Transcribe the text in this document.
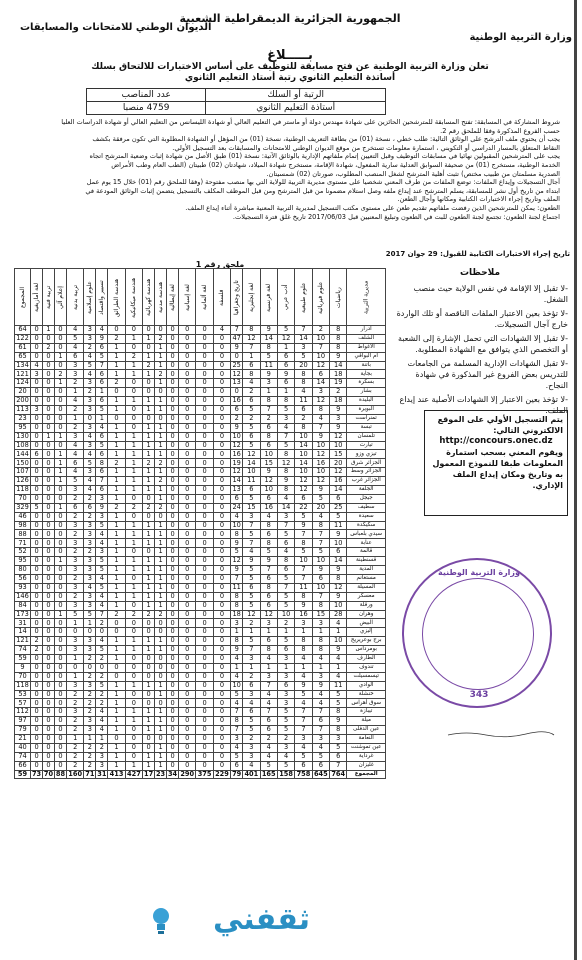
الجمهورية الجزائرية الديمقراطية الشعبية
وزارة التربية الوطنية
الديوان الوطني للامتحانات والمسابقات
بـــــلاغ
تعلن وزارة التربية الوطنية عن فتح مسابقة للتوظيف على أساس الاختبارات للالتحاق بسلك
أساتذة التعليم الثانوي رتبة أستاذ التعليم الثانوي
الرتبة أو السلك	عدد المناصب
أستاذة التعليم الثانوي	4759 منصبا

شروط المشاركة في المسابقة: تفتح المسابقة للمترشحين الحائزين على شهادة مهندس دولة أو ماستر في التعليم العالي أو شهادة الليسانس من التعليم العالي أو شهادة الدراسات العليا

حسب الفروع المذكورة وفقا للملحق رقم 2.

يجب أن يحتوي ملف الترشح على الوثائق التالية: طلب خطي ، نسخة (01) من بطاقة التعريف الوطنية، نسخة (01) من المؤهل أو الشهادة المطلوبة التي تكون مرفقة بكشف

النقاط المتعلق بالمسار الدراسي أو التكويني ، استمارة معلومات تستخرج من موقع الديوان الوطني للامتحانات والمسابقات بعد التسجيل الأولي.

يجب على المترشحين المقبولين نهائيا في مسابقات التوظيف وقبل التعيين إتمام ملفاتهم الإدارية بالوثائق الآتية: نسخة (01) طبق الأصل من شهادة إثبات وضعية المترشح اتجاه

الخدمة الوطنية، مستخرج (01) من صحيفة السوابق العدلية سارية المفعول، شهادة الإقامة، مستخرج شهادة الميلاد، شهادتان (02) طبيتان (الطب العام وطب الأمراض

الصدرية مسلمتان من طبيب مختص) تثبت أهلية المترشح لشغل المنصب المطلوب، صورتان (02) شمسيتان.

آجال التسجيلات وإيداع الملفات: توضع الملفات من طرف المعني شخصيا على مستوى مديرية التربية للولاية التي بها منصب مفتوحة (وفقا للملحق رقم (01) خلال 15 يوم عمل

ابتداء من تاريخ أول نشر للمسابقة، يسلم المترشح عند إيداع ملفه وصل استلام مضمونا من قبل المترشح ومن قبل الموظف المكلف بالتسجيل يتضمن إثبات الوثائق المودعة في

الملف وتاريخ إجراء الاختبارات الكتابية ومكانها وأجال الطعن.

الطعون: يمكن للمترشحين الذين رفضت ملفاتهم تقديم طعن على مستوى مكتب التسجيل لمديرية التربية المعنية مباشرة أثناء إيداع الملف.

اجتماع لجنة الطعون: تجتمع لجنة الطعون للبت في الطعون وتبليغ المعنيين قبل 2017/06/03 تاريخ غلق فترة التسجيلات.

تاريخ إجراء الاختبارات الكتابية للقبول: 29 جوان 2017
ملحق رقم 1
مديرية التربية	رياضيات	علوم فيزيائية	علوم طبيعية	أدب عربي	لغة فرنسية	لغة إنجليزية	تاريخ وجغرافيا	فلسفة	لغة ألمانية	لغة إسبانية	لغة إيطالية	هندسة مدنية	هندسة كهربائية	هندسة ميكانيكية	هندسة الطرائق	تسيير واقتصاد	علوم إسلامية	تربية بدنية	إعلام آلي	تربية فنية	لغة أمازيغية	المجموع
أدرار	8	2	7	5	9	8	7	4	0	0	0	0	0	0	0	4	3	4	0	1	0	64
الشلف	8	10	14	12	14	12	47	0	0	0	0	2	1	1	2	9	3	5	0	0	0	122
الأغواط	8	7	3	1	8	7	9	0	0	0	0	1	0	0	1	6	2	4	0	2	0	61
أم البواقي	9	10	5	6	5	1	0	0	0	0	0	1	1	2	1	5	4	6	1	0	0	65
باتنة	14	12	20	6	11	6	25	0	0	0	0	1	2	1	1	7	5	3	0	0	4	134
بجاية	18	6	8	9	9	8	12	0	0	0	0	2	1	1	1	6	4	3	2	0	3	121
بسكرة	19	14	8	6	3	4	13	0	0	0	0	1	0	0	2	6	3	2	1	0	0	124
بشار	2	3	4	1	1	2	0	0	0	0	0	0	0	0	0	1	2	1	0	0	0	20
البليدة	18	12	11	8	8	6	16	0	0	0	0	1	1	1	1	6	3	4	0	0	0	200
البويرة	9	8	6	5	7	5	6	0	0	0	0	1	1	0	1	5	3	2	0	0	3	113
تمنراست	3	4	2	3	2	2	2	0	0	0	0	0	0	0	0	1	0	1	0	0	0	23
تبسة	9	7	8	4	6	5	9	0	0	0	0	1	1	0	1	4	3	2	0	0	0	95
تلمسان	12	9	10	7	8	6	10	0	0	0	0	1	1	1	1	6	4	3	1	1	0	130
تيارت	10	10	14	5	6	5	12	0	0	0	0	1	1	1	1	5	3	4	0	0	0	108
تيزي وزو	15	12	10	8	10	12	16	0	0	0	0	1	1	1	1	6	4	4	1	0	6	144
الجزائر شرق	20	16	14	12	15	14	19	0	0	0	0	2	2	1	2	8	5	6	1	0	0	150
الجزائر وسط	12	10	10	8	9	10	12	0	0	0	0	1	1	1	1	6	3	4	1	0	0	107
الجزائر غرب	16	12	12	9	12	11	14	0	0	0	0	2	1	1	1	7	4	5	1	0	0	126
الجلفة	14	9	12	8	10	6	13	0	0	0	0	1	1	1	1	6	4	3	0	0	0	118
جيجل	6	5	6	4	6	5	6	0	0	0	0	1	0	0	1	3	2	2	0	0	0	70
سطيف	25	20	22	14	16	15	24	0	0	0	0	2	2	2	2	9	6	6	1	0	5	329
سعيدة	5	4	5	3	4	3	4	0	0	0	0	0	0	0	1	3	2	2	0	0	0	46
سكيكدة	11	8	9	7	8	7	10	0	0	0	0	1	1	1	1	5	3	3	0	0	0	98
سيدي بلعباس	9	7	7	5	6	5	8	0	0	0	0	1	1	1	1	4	3	2	0	0	0	88
عنابة	10	7	8	6	8	7	9	0	0	0	0	1	1	1	1	4	3	3	0	0	0	71
قالمة	6	5	5	4	5	4	5	0	0	0	0	1	0	0	1	3	2	2	0	0	0	52
قسنطينة	14	10	10	8	9	9	12	0	0	0	0	1	1	1	1	5	3	3	1	0	0	95
المدية	9	9	7	6	7	5	9	0	0	0	0	1	1	1	1	5	3	3	0	0	0	80
مستغانم	8	6	7	5	6	5	7	0	0	0	0	1	1	0	1	4	3	2	0	0	0	56
المسيلة	12	10	11	7	8	6	11	0	0	0	0	1	1	1	1	5	4	3	0	0	0	93
معسكر	9	7	8	5	6	5	8	0	0	0	0	1	1	1	1	4	3	2	0	0	0	146
ورقلة	10	8	9	5	6	5	8	0	0	0	0	1	1	0	1	4	3	3	0	0	0	84
وهران	28	15	16	10	12	12	18	0	0	0	0	2	2	2	2	7	5	5	1	0	0	173
البيض	4	3	3	2	3	2	3	0	0	0	0	0	0	0	0	2	1	1	0	0	0	31
إليزي	1	1	1	1	1	1	1	0	0	0	0	0	0	0	0	0	0	0	0	0	0	14
برج بوعريريج	10	8	8	5	6	5	8	0	0	0	0	1	1	1	1	4	3	3	0	0	2	121
بومرداس	9	8	8	6	8	7	9	0	0	0	0	1	1	1	1	5	3	3	0	0	2	74
الطارف	4	4	4	3	4	3	4	0	0	0	0	0	0	0	1	2	2	1	0	0	0	59
تندوف	1	1	1	1	1	1	1	0	0	0	0	0	0	0	0	0	0	0	0	0	0	9
تيسمسيلت	4	3	4	3	3	2	4	0	0	0	0	0	0	0	0	2	2	1	0	0	0	70
الوادي	11	9	9	6	7	6	10	0	0	0	0	1	1	1	1	5	3	3	0	0	0	118
خنشلة	5	4	5	3	4	3	5	0	0	0	0	1	0	0	1	2	2	2	0	0	0	53
سوق أهراس	5	4	4	3	4	4	4	0	0	0	0	0	0	0	1	2	2	2	0	0	0	57
تيبازة	8	7	7	5	7	6	7	0	0	0	0	1	1	1	1	4	2	3	0	0	0	112
ميلة	9	6	7	5	6	5	8	0	0	0	0	1	1	1	1	4	3	2	0	0	0	97
عين الدفلى	8	7	7	5	6	5	7	0	0	0	0	1	1	0	1	4	3	2	0	0	0	79
النعامة	3	3	3	2	2	2	3	0	0	0	0	0	0	0	0	1	1	1	0	0	0	21
عين تموشنت	5	4	4	3	4	3	4	0	0	0	0	1	0	0	1	2	2	2	0	0	0	40
غرداية	6	5	5	4	4	3	5	0	0	0	0	1	1	0	1	3	2	2	0	0	0	74
غليزان	7	6	6	5	5	4	6	0	0	0	0	1	1	1	1	3	2	2	0	0	0	66
المجموع	764	645	758	158	165	401	79	229	375	290	34	23	17	427	413	31	71	160	88	70	73	59
ملاحظات

-لا تقبل إلا الإقامة في نفس الولاية حيث منصب الشغل.

-لا تؤخذ بعين الاعتبار الملفات الناقصة أو تلك الواردة خارج آجال التسجيلات.

-لا تقبل إلا الشهادات التي تحمل الإشارة إلى الشعبة أو التخصص الذي يتوافق مع الشهادة المطلوبة.

-لا تقبل الشهادات الإدارية المسلمة من الجامعات للتدريس بعض الفروع غير المذكورة في شهادة النجاح.

-لا تؤخذ بعين الاعتبار إلا الشهادات الأصلية عند إيداع الملف.

يتم التسجيل الأولي على الموقع الالكتروني التالي:
http://concours.onec.dz
ويقوم المعني بسحب استمارة المعلومات طبقا للنموذج المعمول به وتاريخ ومكان إيداع الملف الإداري.
وزارة التربية الوطنية
343
ثقفني
